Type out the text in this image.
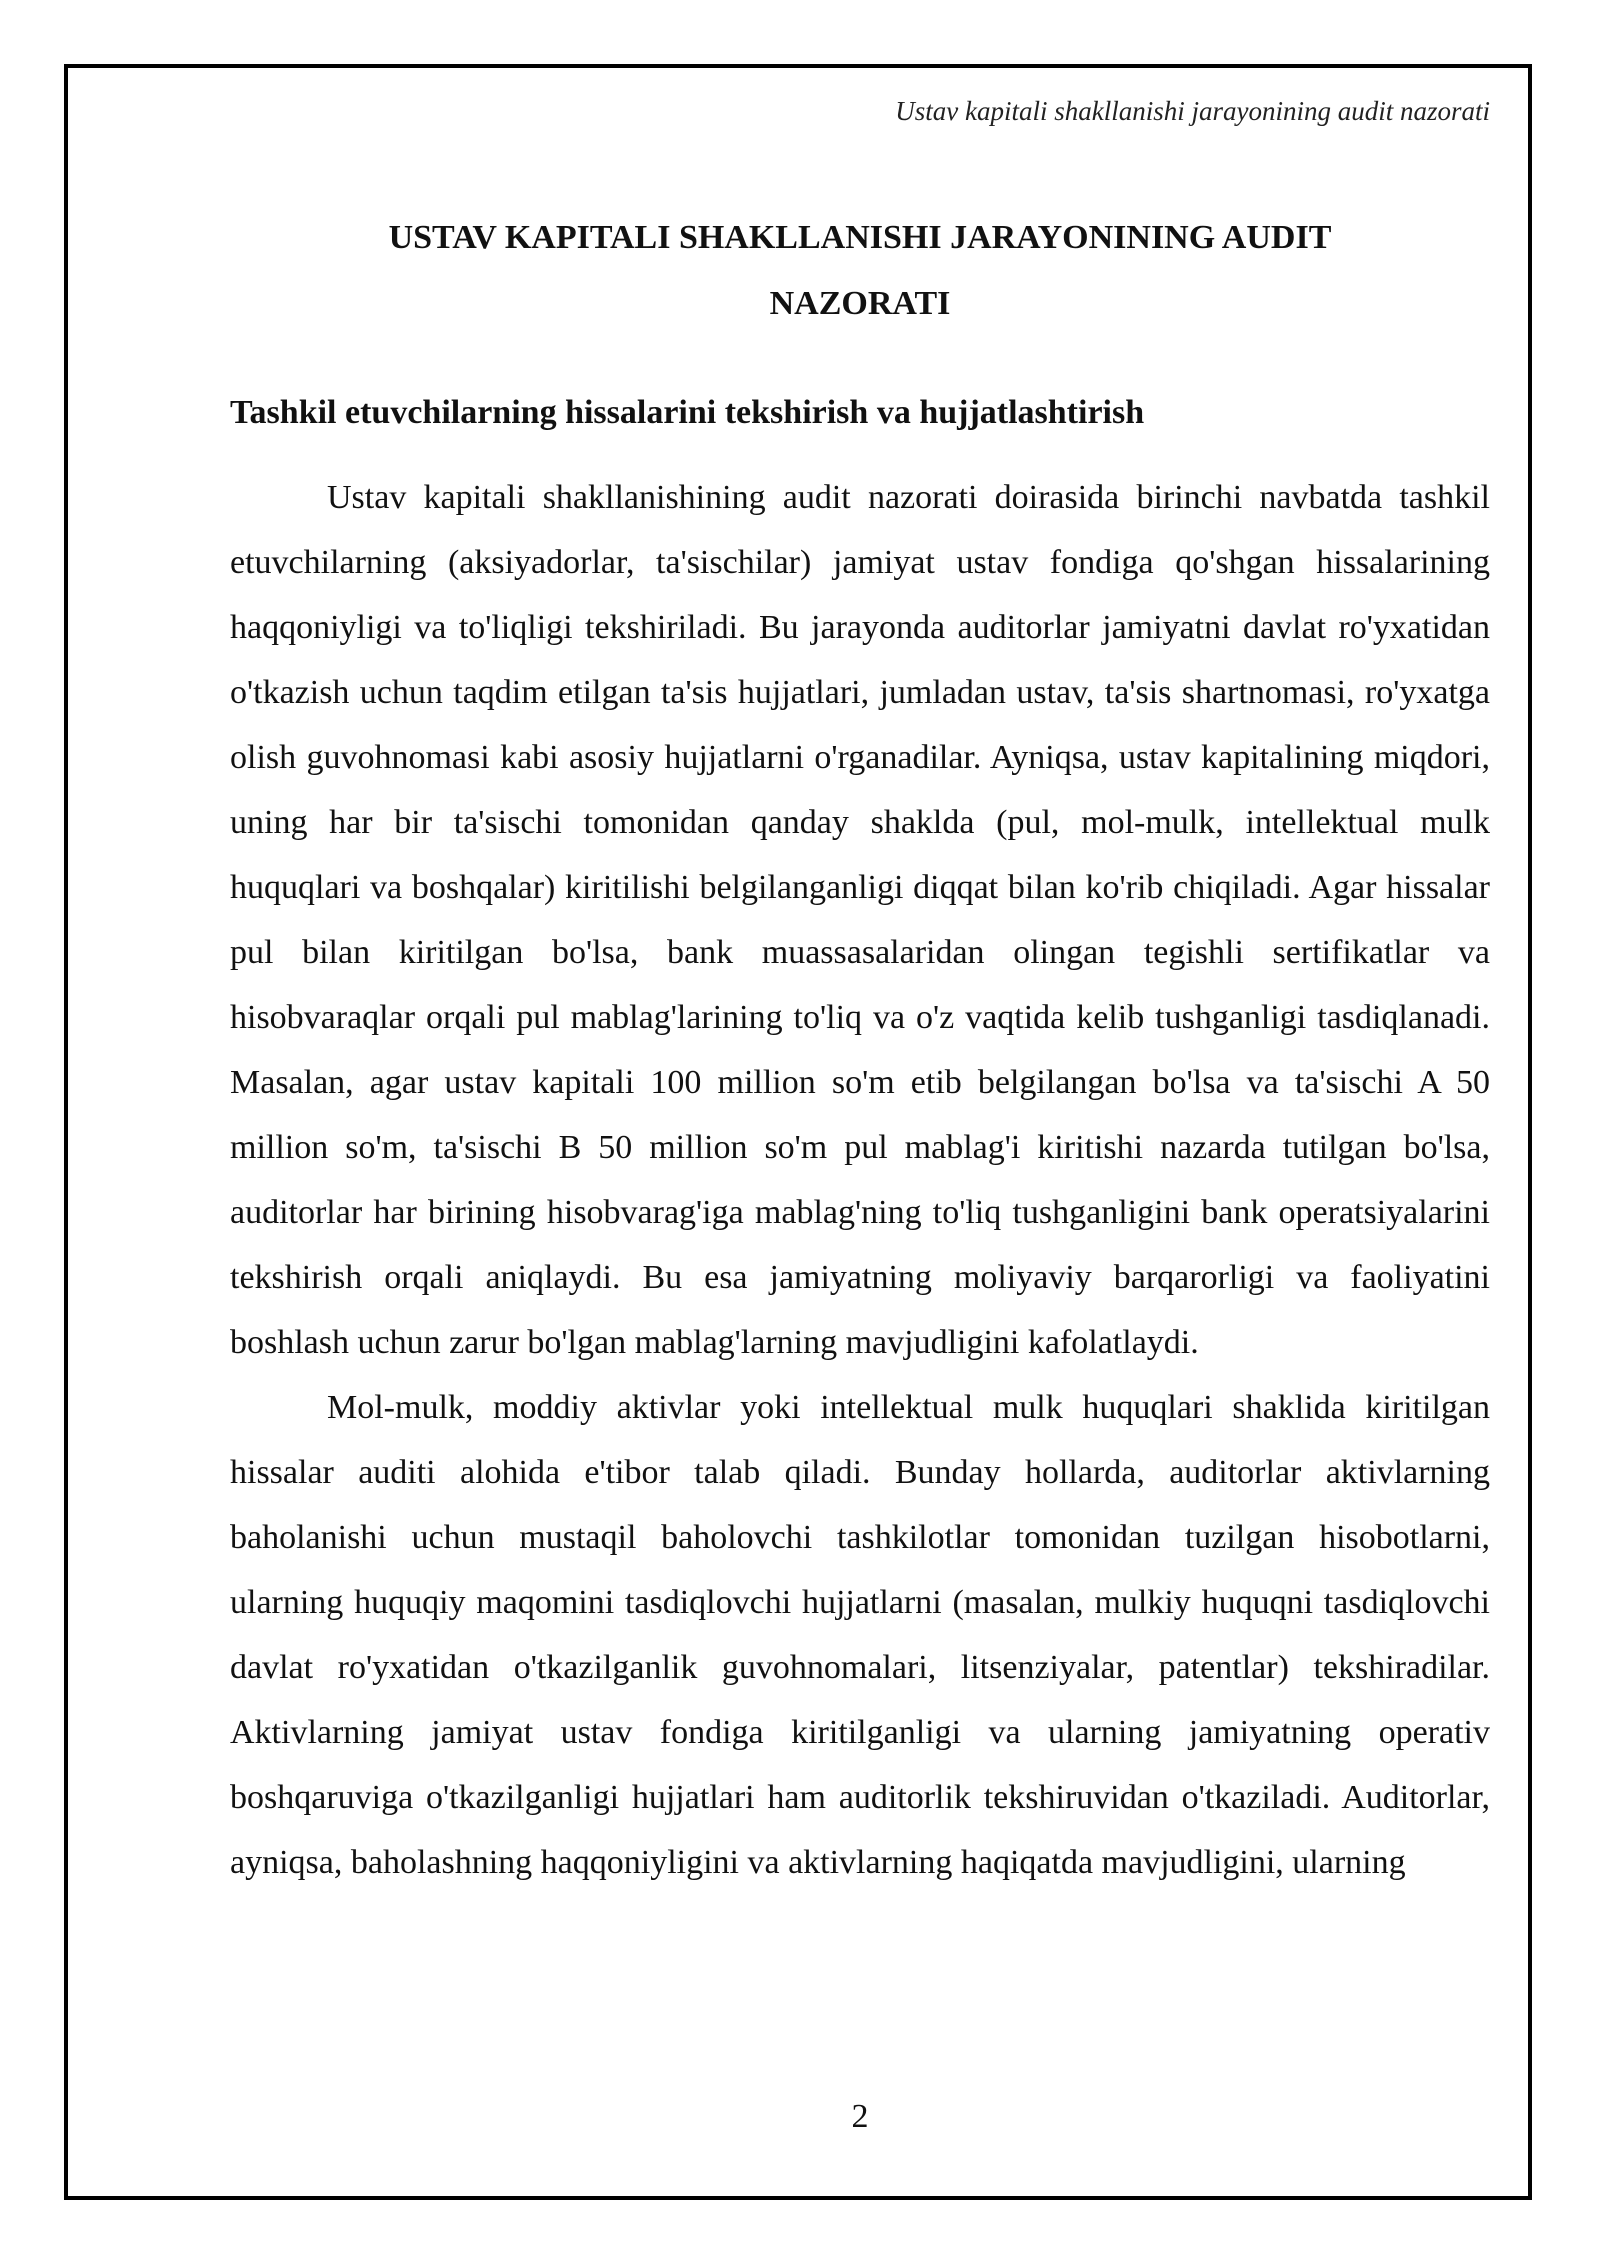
Ustav kapitali shakllanishi jarayonining audit nazorati
USTAV KAPITALI SHAKLLANISHI JARAYONINING AUDIT
NAZORATI
Tashkil etuvchilarning hissalarini tekshirish va hujjatlashtirish

Ustav kapitali shakllanishining audit nazorati doirasida birinchi navbatda tashkil etuvchilarning (aksiyadorlar, ta'sischilar) jamiyat ustav fondiga qo'shgan hissalarining haqqoniyligi va to'liqligi tekshiriladi. Bu jarayonda auditorlar jamiyatni davlat ro'yxatidan o'tkazish uchun taqdim etilgan ta'sis hujjatlari, jumladan ustav, ta'sis shartnomasi, ro'yxatga olish guvohnomasi kabi asosiy hujjatlarni o'rganadilar. Ayniqsa, ustav kapitalining miqdori, uning har bir ta'sischi tomonidan qanday shaklda (pul, mol-mulk, intellektual mulk huquqlari va boshqalar) kiritilishi belgilanganligi diqqat bilan ko'rib chiqiladi. Agar hissalar pul bilan kiritilgan bo'lsa, bank muassasalaridan olingan tegishli sertifikatlar va hisobvaraqlar orqali pul mablag'larining to'liq va o'z vaqtida kelib tushganligi tasdiqlanadi. Masalan, agar ustav kapitali 100 million so'm etib belgilangan bo'lsa va ta'sischi A 50 million so'm, ta'sischi B 50 million so'm pul mablag'i kiritishi nazarda tutilgan bo'lsa, auditorlar har birining hisobvarag'iga mablag'ning to'liq tushganligini bank operatsiyalarini tekshirish orqali aniqlaydi. Bu esa jamiyatning moliyaviy barqarorligi va faoliyatini boshlash uchun zarur bo'lgan mablag'larning mavjudligini kafolatlaydi.

Mol-mulk, moddiy aktivlar yoki intellektual mulk huquqlari shaklida kiritilgan hissalar auditi alohida e'tibor talab qiladi. Bunday hollarda, auditorlar aktivlarning baholanishi uchun mustaqil baholovchi tashkilotlar tomonidan tuzilgan hisobotlarni, ularning huquqiy maqomini tasdiqlovchi hujjatlarni (masalan, mulkiy huquqni tasdiqlovchi davlat ro'yxatidan o'tkazilganlik guvohnomalari, litsenziyalar, patentlar) tekshiradilar. Aktivlarning jamiyat ustav fondiga kiritilganligi va ularning jamiyatning operativ boshqaruviga o'tkazilganligi hujjatlari ham auditorlik tekshiruvidan o'tkaziladi. Auditorlar, ayniqsa, baholashning haqqoniyligini va aktivlarning haqiqatda mavjudligini, ularning

2
